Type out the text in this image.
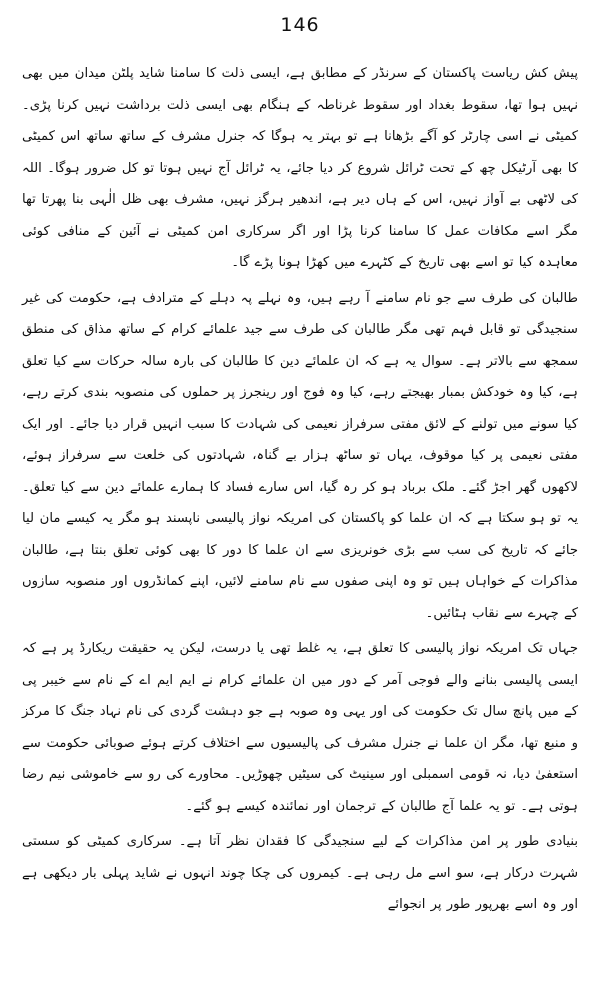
146

پیش کش ریاست پاکستان کے سرنڈر کے مطابق ہے، ایسی ذلت کا سامنا شاید پلٹن میدان میں بھی نہیں ہوا تھا، سقوط بغداد اور سقوط غرناطہ کے ہنگام بھی ایسی ذلت برداشت نہیں کرنا پڑی۔ کمیٹی نے اسی چارٹر کو آگے بڑھانا ہے تو بہتر یہ ہوگا کہ جنرل مشرف کے ساتھ ساتھ اس کمیٹی کا بھی آرٹیکل چھ کے تحت ٹرائل شروع کر دیا جائے، یہ ٹرائل آج نہیں ہوتا تو کل ضرور ہوگا۔ اللہ کی لاٹھی بے آواز نہیں، اس کے ہاں دیر ہے، اندھیر ہرگز نہیں، مشرف بھی ظل الٰہی بنا پھرتا تھا مگر اسے مکافات عمل کا سامنا کرنا پڑا اور اگر سرکاری امن کمیٹی نے آئین کے منافی کوئی معاہدہ کیا تو اسے بھی تاریخ کے کٹہرے میں کھڑا ہونا پڑے گا۔

طالبان کی طرف سے جو نام سامنے آ رہے ہیں، وہ نہلے پہ دہلے کے مترادف ہے، حکومت کی غیر سنجیدگی تو قابل فہم تھی مگر طالبان کی طرف سے جید علمائے کرام کے ساتھ مذاق کی منطق سمجھ سے بالاتر ہے۔ سوال یہ ہے کہ ان علمائے دین کا طالبان کی بارہ سالہ حرکات سے کیا تعلق ہے، کیا وہ خودکش بمبار بھیجتے رہے، کیا وہ فوج اور رینجرز پر حملوں کی منصوبہ بندی کرتے رہے، کیا سونے میں تولنے کے لائق مفتی سرفراز نعیمی کی شہادت کا سبب انہیں قرار دیا جائے۔ اور ایک مفتی نعیمی پر کیا موقوف، یہاں تو ساٹھ ہزار بے گناہ، شہادتوں کی خلعت سے سرفراز ہوئے، لاکھوں گھر اجڑ گئے۔ ملک برباد ہو کر رہ گیا، اس سارے فساد کا ہمارے علمائے دین سے کیا تعلق۔ یہ تو ہو سکتا ہے کہ ان علما کو پاکستان کی امریکہ نواز پالیسی ناپسند ہو مگر یہ کیسے مان لیا جائے کہ تاریخ کی سب سے بڑی خونریزی سے ان علما کا دور کا بھی کوئی تعلق بنتا ہے، طالبان مذاکرات کے خواہاں ہیں تو وہ اپنی صفوں سے نام سامنے لائیں، اپنے کمانڈروں اور منصوبہ سازوں کے چہرے سے نقاب ہٹائیں۔

جہاں تک امریکہ نواز پالیسی کا تعلق ہے، یہ غلط تھی یا درست، لیکن یہ حقیقت ریکارڈ پر ہے کہ ایسی پالیسی بنانے والے فوجی آمر کے دور میں ان علمائے کرام نے ایم ایم اے کے نام سے خیبر پی کے میں پانچ سال تک حکومت کی اور یہی وہ صوبہ ہے جو دہشت گردی کی نام نہاد جنگ کا مرکز و منبع تھا، مگر ان علما نے جنرل مشرف کی پالیسیوں سے اختلاف کرتے ہوئے صوبائی حکومت سے استعفیٰ دیا، نہ قومی اسمبلی اور سینیٹ کی سیٹیں چھوڑیں۔ محاورے کی رو سے خاموشی نیم رضا ہوتی ہے۔ تو یہ علما آج طالبان کے ترجمان اور نمائندہ کیسے ہو گئے۔

بنیادی طور پر امن مذاکرات کے لیے سنجیدگی کا فقدان نظر آتا ہے۔ سرکاری کمیٹی کو سستی شہرت درکار ہے، سو اسے مل رہی ہے۔ کیمروں کی چکا چوند انہوں نے شاید پہلی بار دیکھی ہے اور وہ اسے بھرپور طور پر انجوائے
